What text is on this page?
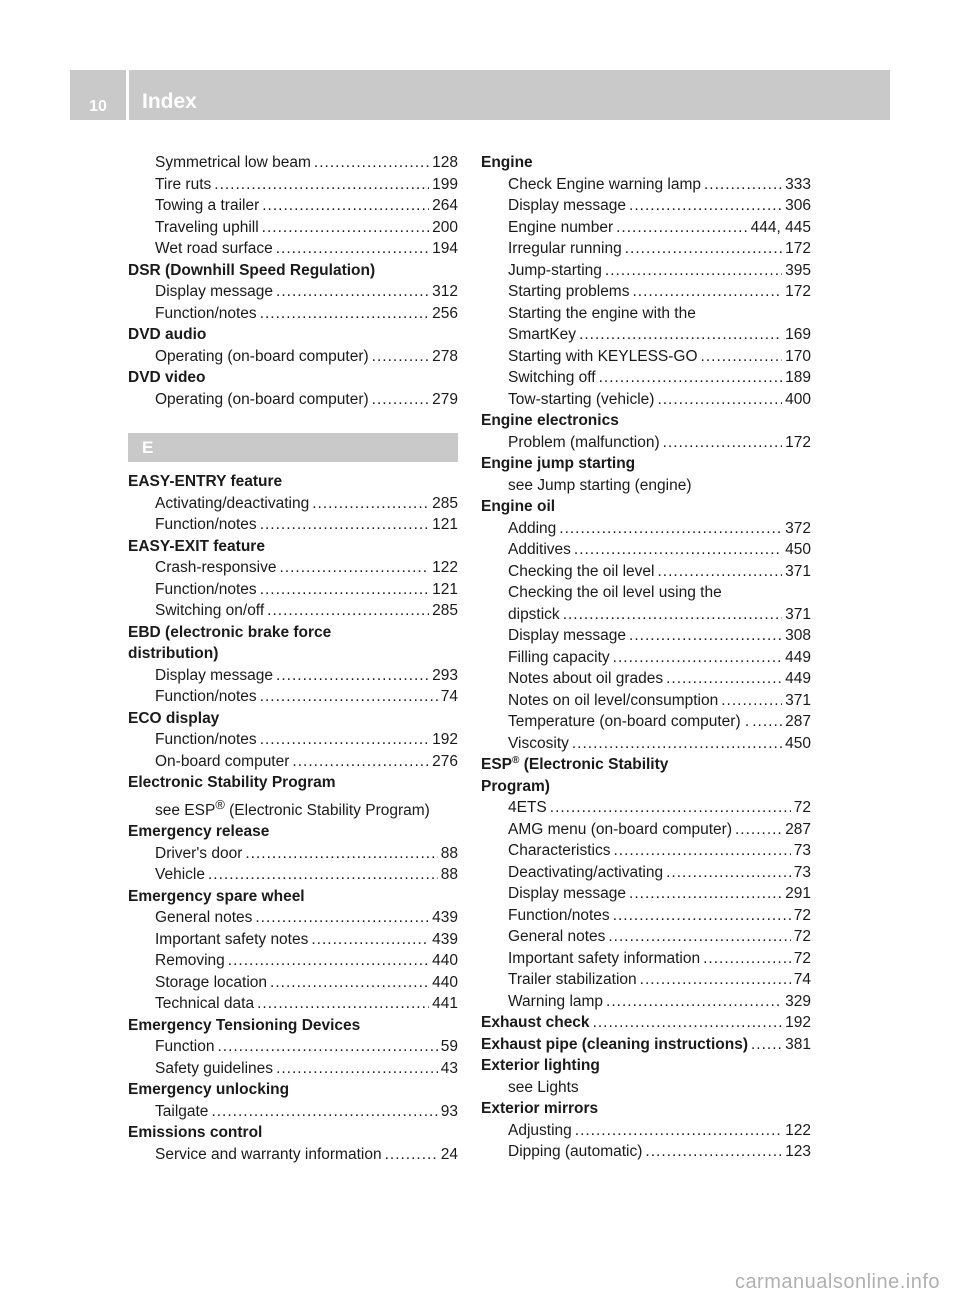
10	Index
Symmetrical low beam .....	128
Tire ruts .....	199
Towing a trailer .....	264
Traveling uphill .....	200
Wet road surface .....	194
DSR (Downhill Speed Regulation)
Display message .....	312
Function/notes .....	256
DVD audio
Operating (on-board computer) .....	278
DVD video
Operating (on-board computer) .....	279
E
EASY-ENTRY feature
Activating/deactivating .....	285
Function/notes .....	121
EASY-EXIT feature
Crash-responsive .....	122
Function/notes .....	121
Switching on/off .....	285
EBD (electronic brake force
distribution)
Display message .....	293
Function/notes .....	74
ECO display
Function/notes .....	192
On-board computer .....	276
Electronic Stability Program
see ESP® (Electronic Stability Program)
Emergency release
Driver's door .....	88
Vehicle .....	88
Emergency spare wheel
General notes .....	439
Important safety notes .....	439
Removing .....	440
Storage location .....	440
Technical data .....	441
Emergency Tensioning Devices
Function .....	59
Safety guidelines .....	43
Emergency unlocking
Tailgate .....	93
Emissions control
Service and warranty information .....	24
Engine
Check Engine warning lamp .....	333
Display message .....	306
Engine number .....	444, 445
Irregular running .....	172
Jump-starting .....	395
Starting problems .....	172
Starting the engine with the
SmartKey .....	169
Starting with KEYLESS-GO .....	170
Switching off .....	189
Tow-starting (vehicle) .....	400
Engine electronics
Problem (malfunction) .....	172
Engine jump starting
see Jump starting (engine)
Engine oil
Adding .....	372
Additives .....	450
Checking the oil level .....	371
Checking the oil level using the
dipstick .....	371
Display message .....	308
Filling capacity .....	449
Notes about oil grades .....	449
Notes on oil level/consumption .....	371
Temperature (on-board computer) . ..... 287
Viscosity .....	450
ESP® (Electronic Stability
Program)
4ETS .....	72
AMG menu (on-board computer) .....	287
Characteristics .....	73
Deactivating/activating .....	73
Display message .....	291
Function/notes .....	72
General notes .....	72
Important safety information .....	72
Trailer stabilization .....	74
Warning lamp .....	329
Exhaust check .....	192
Exhaust pipe (cleaning instructions) ..... 381
Exterior lighting
see Lights
Exterior mirrors
Adjusting .....	122
Dipping (automatic) .....	123
carmanualsonline.info
